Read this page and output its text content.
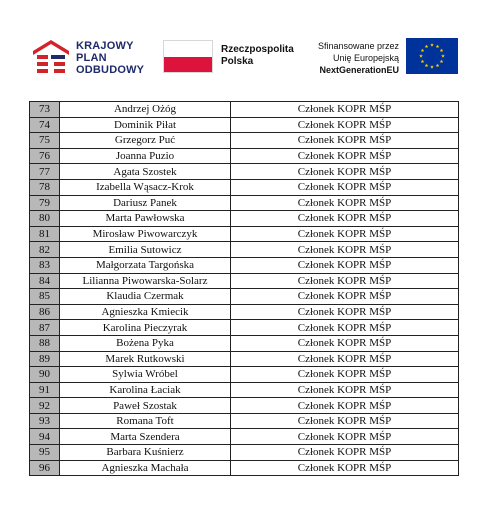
KRAJOWY
PLAN
ODBUDOWY
Rzeczpospolita
Polska
Sfinansowane przez
Unię Europejską
NextGenerationEU
73	Andrzej Ożóg	Członek KOPR MŚP
74	Dominik Piłat	Członek KOPR MŚP
75	Grzegorz Puć	Członek KOPR MŚP
76	Joanna Puzio	Członek KOPR MŚP
77	Agata Szostek	Członek KOPR MŚP
78	Izabella Wąsacz-Krok	Członek KOPR MŚP
79	Dariusz Panek	Członek KOPR MŚP
80	Marta Pawłowska	Członek KOPR MŚP
81	Mirosław Piwowarczyk	Członek KOPR MŚP
82	Emilia Sutowicz	Członek KOPR MŚP
83	Małgorzata Targońska	Członek KOPR MŚP
84	Lilianna Piwowarska-Solarz	Członek KOPR MŚP
85	Klaudia Czermak	Członek KOPR MŚP
86	Agnieszka Kmiecik	Członek KOPR MŚP
87	Karolina Pieczyrak	Członek KOPR MŚP
88	Bożena Pyka	Członek KOPR MŚP
89	Marek Rutkowski	Członek KOPR MŚP
90	Sylwia Wróbel	Członek KOPR MŚP
91	Karolina Łaciak	Członek KOPR MŚP
92	Paweł Szostak	Członek KOPR MŚP
93	Romana Toft	Członek KOPR MŚP
94	Marta Szendera	Członek KOPR MŚP
95	Barbara Kuśnierz	Członek KOPR MŚP
96	Agnieszka Machała	Członek KOPR MŚP
